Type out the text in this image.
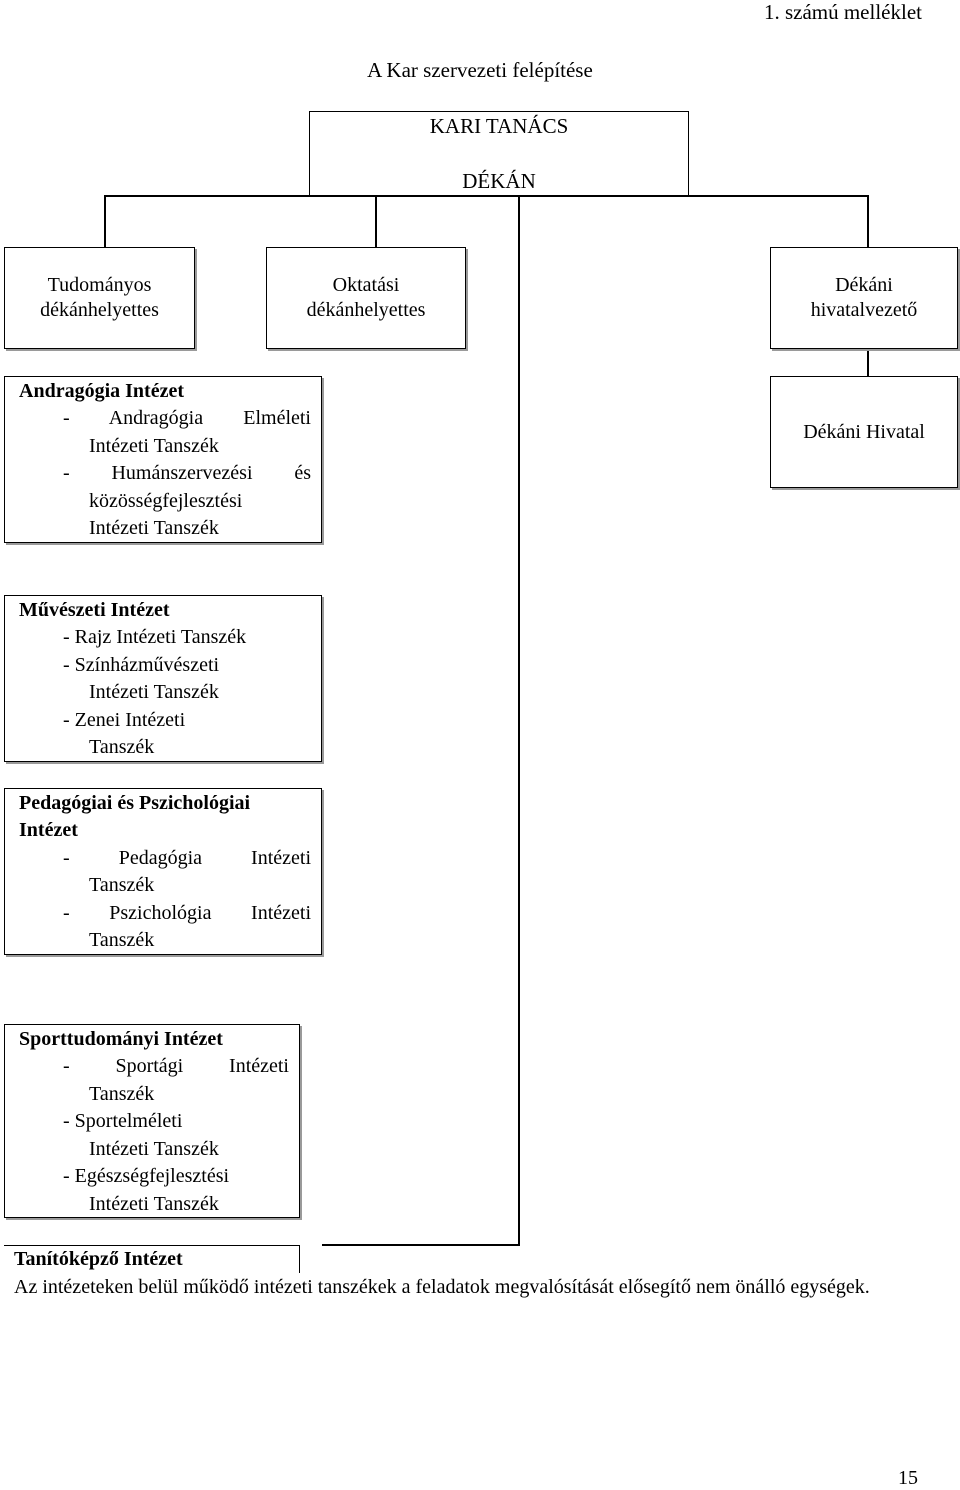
1. számú melléklet
A Kar szervezeti felépítése
KARI TANÁCS
DÉKÁN
Tudományos
dékánhelyettes
Oktatási
dékánhelyettes
Dékáni
hivatalvezető
Dékáni Hivatal
Andragógia Intézet
- Andragógia Elméleti
Intézeti Tanszék
- Humánszervezési és
közösségfejlesztési
Intézeti Tanszék
Művészeti Intézet
- Rajz Intézeti Tanszék
- Színházművészeti
Intézeti Tanszék
- Zenei Intézeti
Tanszék
Pedagógiai és Pszichológiai
Intézet
- Pedagógia Intézeti
Tanszék
- Pszichológia Intézeti
Tanszék
Sporttudományi Intézet
- Sportági Intézeti
Tanszék
- Sportelméleti
Intézeti Tanszék
- Egészségfejlesztési
Intézeti Tanszék
Tanítóképző Intézet
Az intézeteken belül működő intézeti tanszékek a feladatok megvalósítását elősegítő nem önálló egységek.
15
